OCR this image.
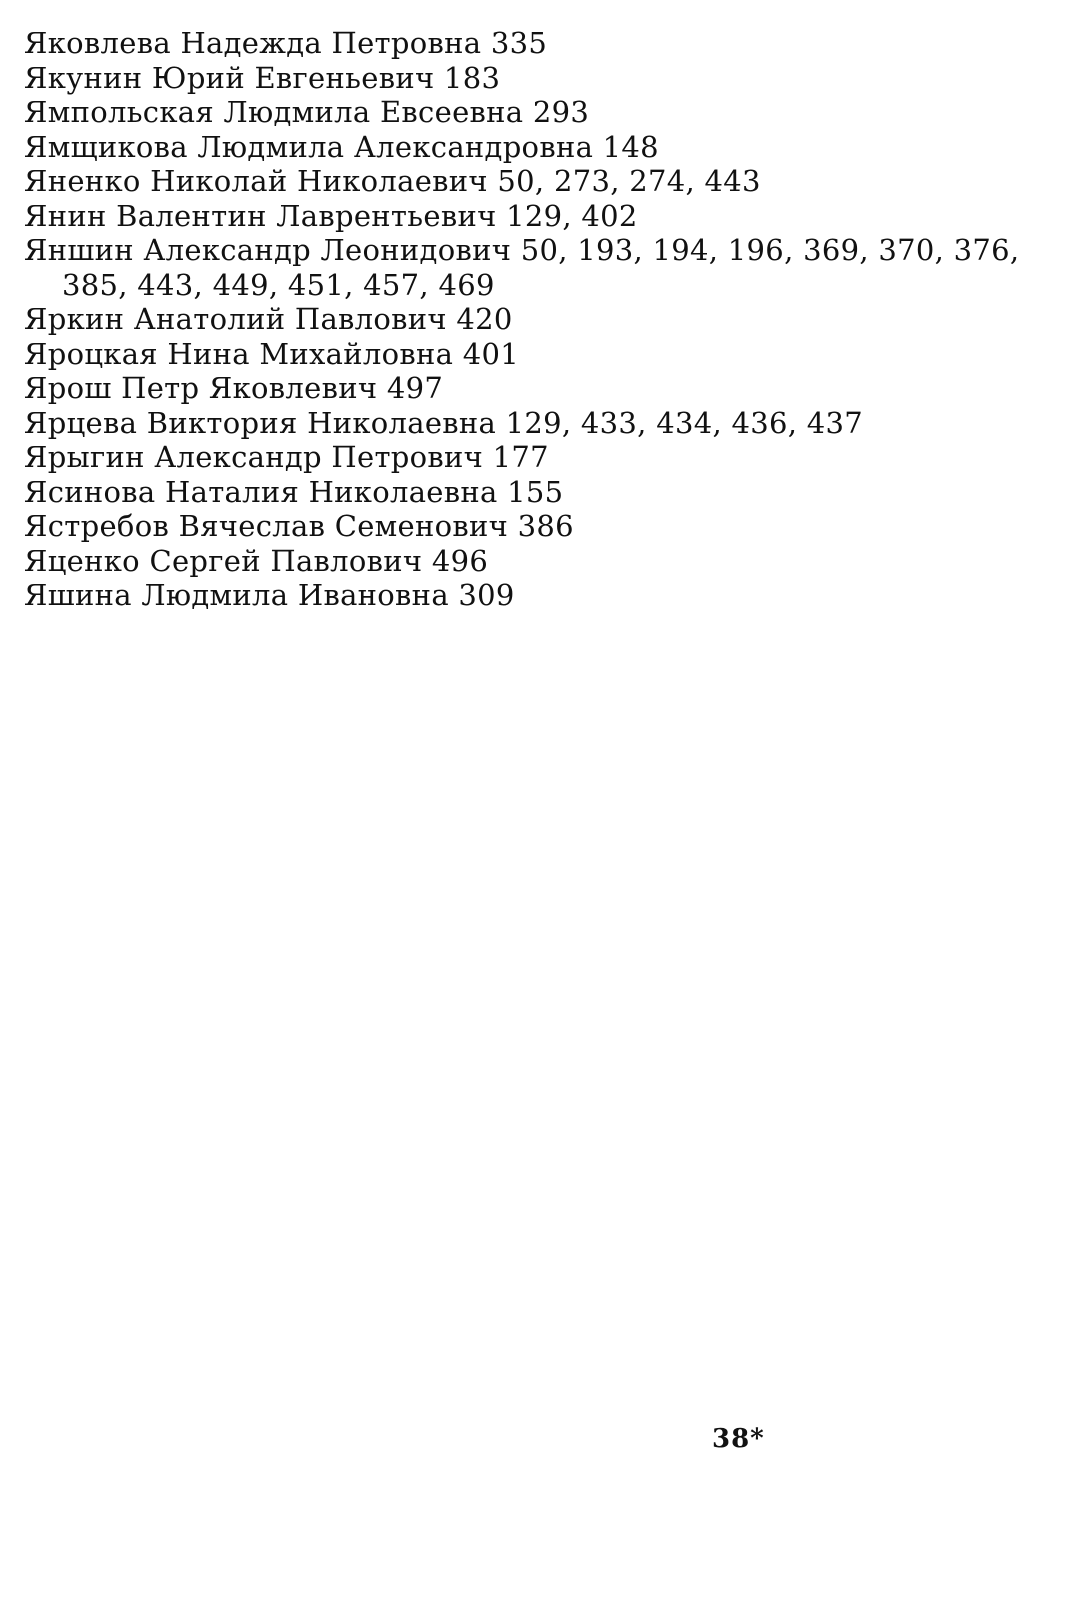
Яковлева Надежда Петровна 335
Якунин Юрий Евгеньевич 183
Ямпольская Людмила Евсеевна 293
Ямщикова Людмила Александровна 148
Яненко Николай Николаевич 50, 273, 274, 443
Янин Валентин Лаврентьевич 129, 402
Яншин Александр Леонидович 50, 193, 194, 196, 369, 370, 376, 385, 443, 449, 451, 457, 469
Яркин Анатолий Павлович 420
Яроцкая Нина Михайловна 401
Ярош Петр Яковлевич 497
Ярцева Виктория Николаевна 129, 433, 434, 436, 437
Ярыгин Александр Петрович 177
Ясинова Наталия Николаевна 155
Ястребов Вячеслав Семенович 386
Яценко Сергей Павлович 496
Яшина Людмила Ивановна 309
38*
